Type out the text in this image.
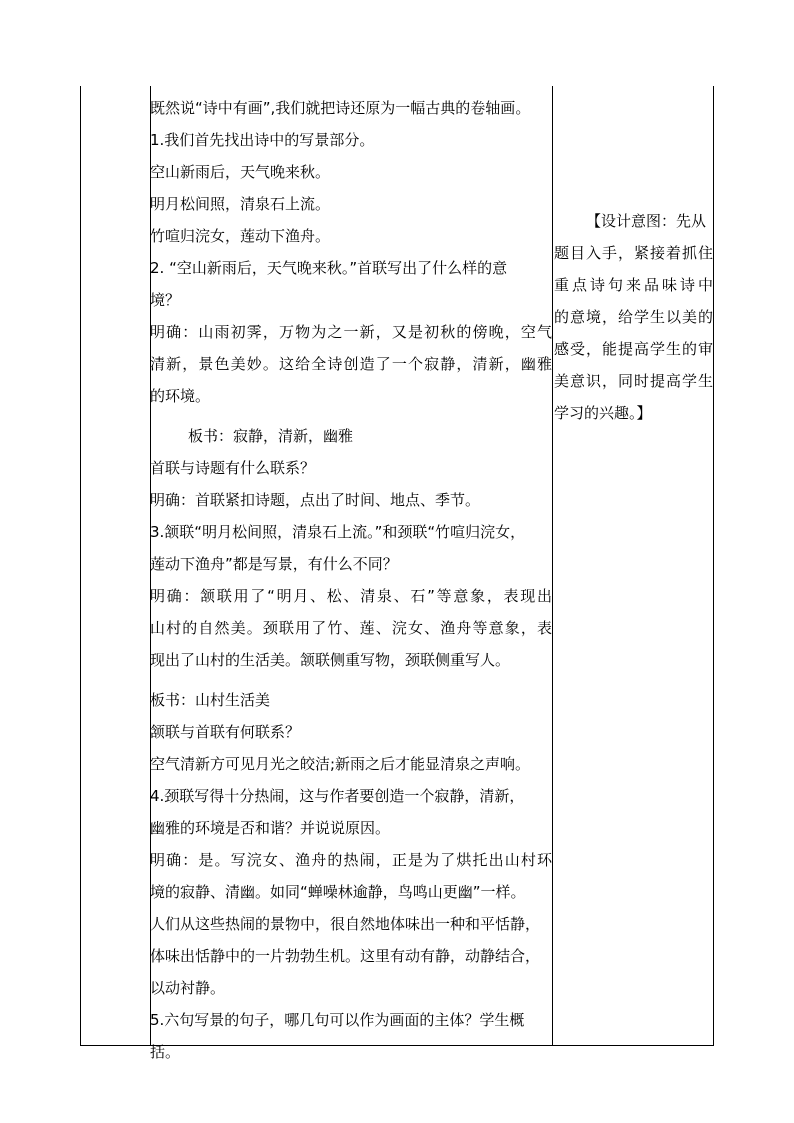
既然说“诗中有画”,我们就把诗还原为一幅古典的卷轴画。
1.我们首先找出诗中的写景部分。
空山新雨后，天气晚来秋。
明月松间照，清泉石上流。
竹喧归浣女，莲动下渔舟。
2. “空山新雨后，天气晚来秋。”首联写出了什么样的意
境？
明确：山雨初霁，万物为之一新，又是初秋的傍晚，空气
清新，景色美妙。这给全诗创造了一个寂静，清新，幽雅
的环境。
板书：寂静，清新，幽雅
首联与诗题有什么联系？
明确：首联紧扣诗题，点出了时间、地点、季节。
3.颔联“明月松间照，清泉石上流。”和颈联“竹喧归浣女，
莲动下渔舟”都是写景，有什么不同？
明确：颔联用了“明月、松、清泉、石”等意象，表现出
山村的自然美。颈联用了竹、莲、浣女、渔舟等意象，表
现出了山村的生活美。颔联侧重写物，颈联侧重写人。
板书：山村生活美
颔联与首联有何联系？
空气清新方可见月光之皎洁;新雨之后才能显清泉之声响。
4.颈联写得十分热闹，这与作者要创造一个寂静，清新，
幽雅的环境是否和谐？并说说原因。
明确：是。写浣女、渔舟的热闹，正是为了烘托出山村环
境的寂静、清幽。如同“蝉噪林逾静，鸟鸣山更幽”一样。
人们从这些热闹的景物中，很自然地体味出一种和平恬静，
体味出恬静中的一片勃勃生机。这里有动有静，动静结合，
以动衬静。
5.六句写景的句子，哪几句可以作为画面的主体？学生概
括。
【设计意图：先从
题目入手，紧接着抓住
重点诗句来品味诗中
的意境，给学生以美的
感受，能提高学生的审
美意识，同时提高学生
学习的兴趣。】
